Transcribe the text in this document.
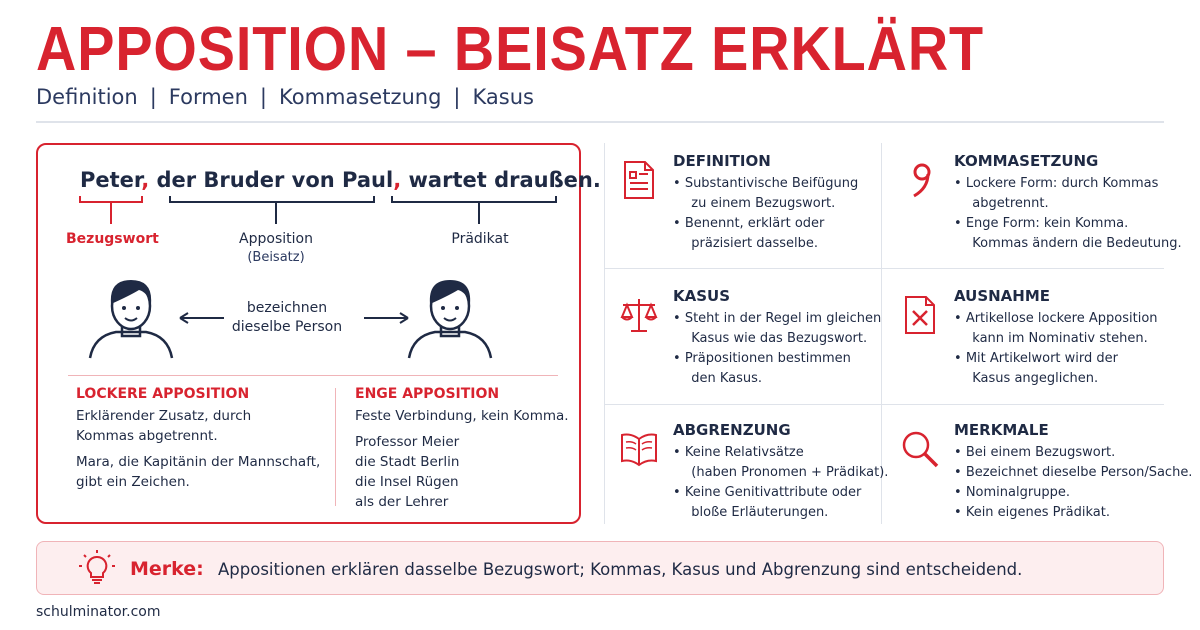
APPOSITION – BEISATZ ERKLÄRT
Definition | Formen | Kommasetzung | Kasus
Peter, der Bruder von Paul, wartet draußen.
Bezugswort	Apposition
(Beisatz)
Prädikat
bezeichnen
dieselbe Person
LOCKERE APPOSITION
Erklärender Zusatz, durch
Kommas abgetrennt.
Mara, die Kapitänin der Mannschaft,
gibt ein Zeichen.
ENGE APPOSITION
Feste Verbindung, kein Komma.
Professor Meier
die Stadt Berlin
die Insel Rügen
als der Lehrer
DEFINITION
• Substantivische Beifügung
zu einem Bezugswort.
• Benennt, erklärt oder
präzisiert dasselbe.
KOMMASETZUNG
• Lockere Form: durch Kommas
abgetrennt.
• Enge Form: kein Komma.
Kommas ändern die Bedeutung.
KASUS
• Steht in der Regel im gleichen
Kasus wie das Bezugswort.
• Präpositionen bestimmen
den Kasus.
AUSNAHME
• Artikellose lockere Apposition
kann im Nominativ stehen.
• Mit Artikelwort wird der
Kasus angeglichen.
ABGRENZUNG
• Keine Relativsätze
(haben Pronomen + Prädikat).
• Keine Genitivattribute oder
bloße Erläuterungen.
MERKMALE
• Bei einem Bezugswort.
• Bezeichnet dieselbe Person/Sache.
• Nominalgruppe.
• Kein eigenes Prädikat.
Merke: Appositionen erklären dasselbe Bezugswort; Kommas, Kasus und Abgrenzung sind entscheidend.
schulminator.com
